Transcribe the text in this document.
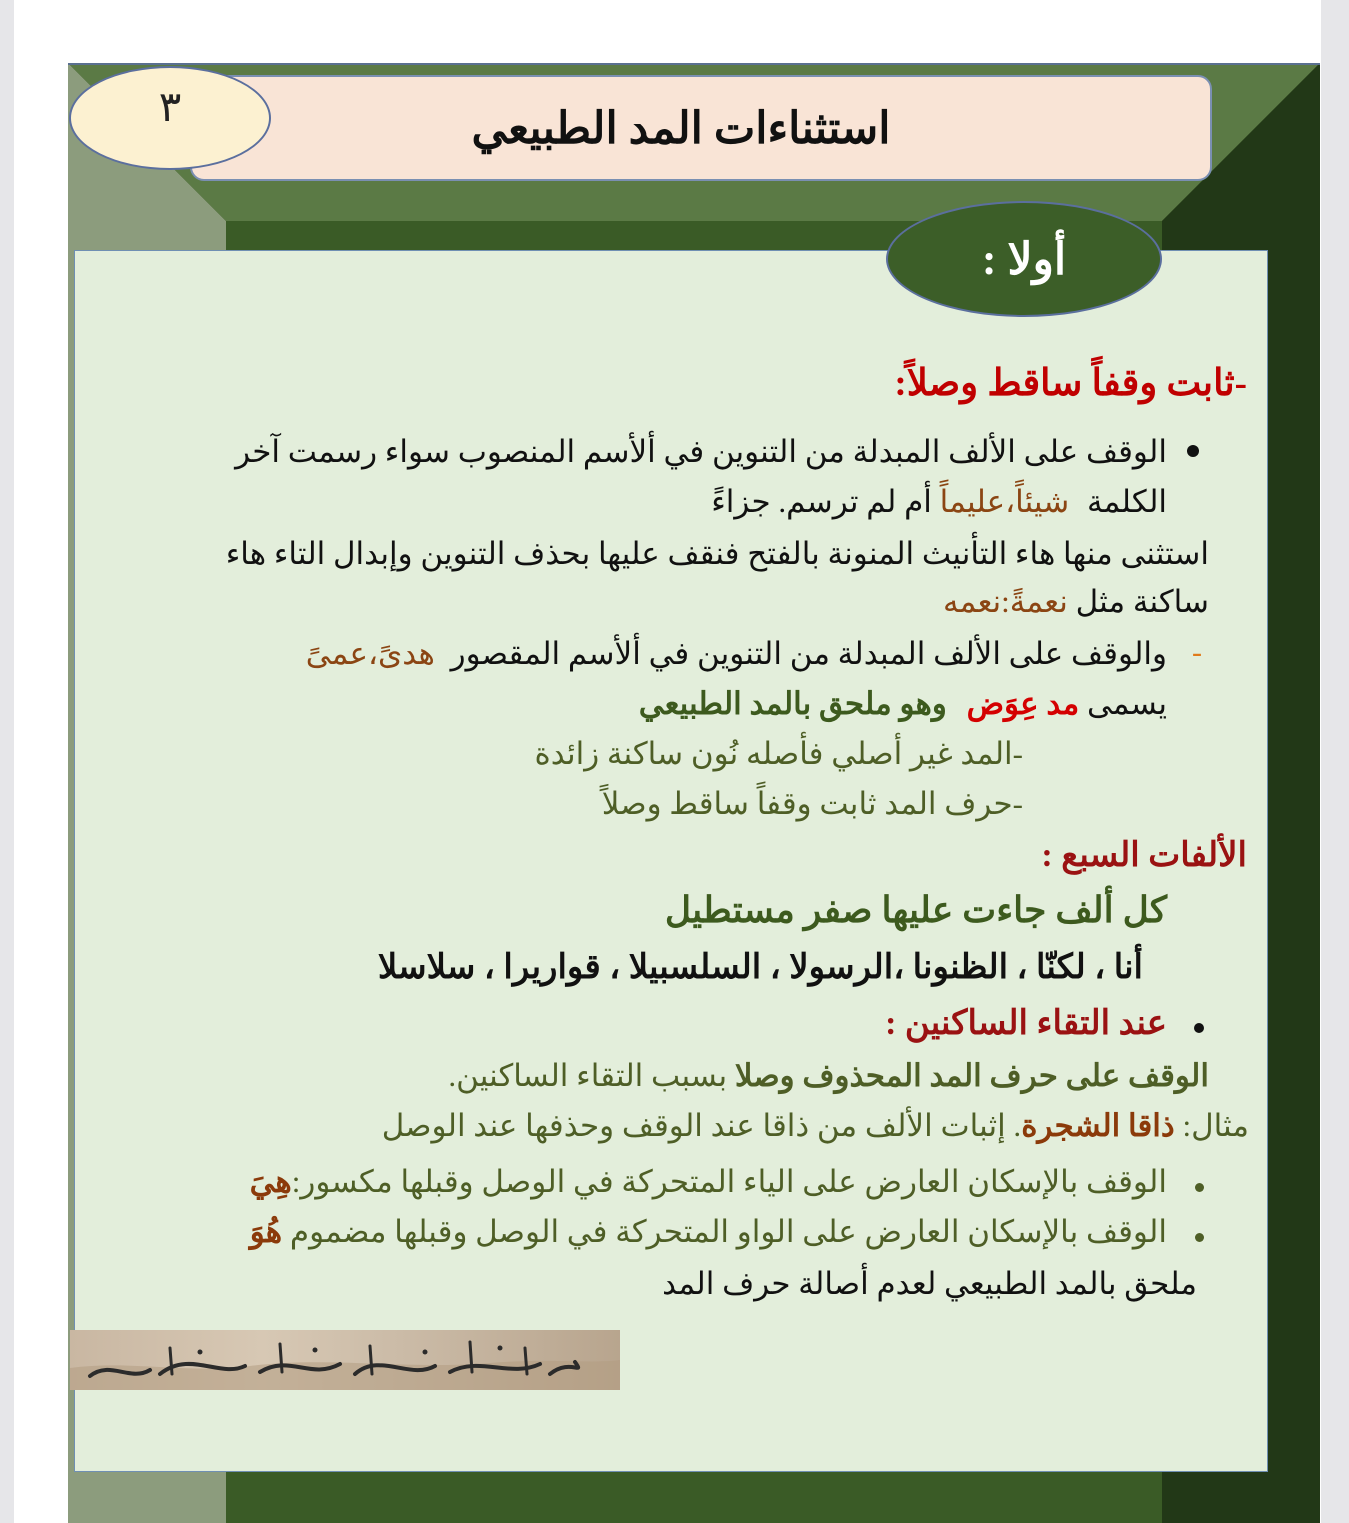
استثناءات المد الطبيعي
٣
أولا :
-ثابت وقفاً ساقط وصلاً:
الوقف على الألف المبدلة من التنوين في ألأسم المنصوب سواء رسمت آخر
الكلمة شيئاً،عليماً أم لم ترسم. جزاءً
استثنى منها هاء التأنيث المنونة بالفتح فنقف عليها بحذف التنوين وإبدال التاء هاء
ساكنة مثل نعمةً:نعمه
-
والوقف على الألف المبدلة من التنوين في ألأسم المقصور هدىً،عمىً
يسمى مد عِوَض وهو ملحق بالمد الطبيعي
-المد غير أصلي فأصله نُون ساكنة زائدة
-حرف المد ثابت وقفاً ساقط وصلاً
الألفات السبع :
كل ألف جاءت عليها صفر مستطيل
أنا ، لكنّا ، الظنونا ،الرسولا ، السلسبيلا ، قواريرا ، سلاسلا
عند التقاء الساكنين :
الوقف على حرف المد المحذوف وصلا بسبب التقاء الساكنين.
مثال: ذاقا الشجرة. إثبات الألف من ذاقا عند الوقف وحذفها عند الوصل
الوقف بالإسكان العارض على الياء المتحركة في الوصل وقبلها مكسور:هِيَ
الوقف بالإسكان العارض على الواو المتحركة في الوصل وقبلها مضموم هُوَ
ملحق بالمد الطبيعي لعدم أصالة حرف المد
